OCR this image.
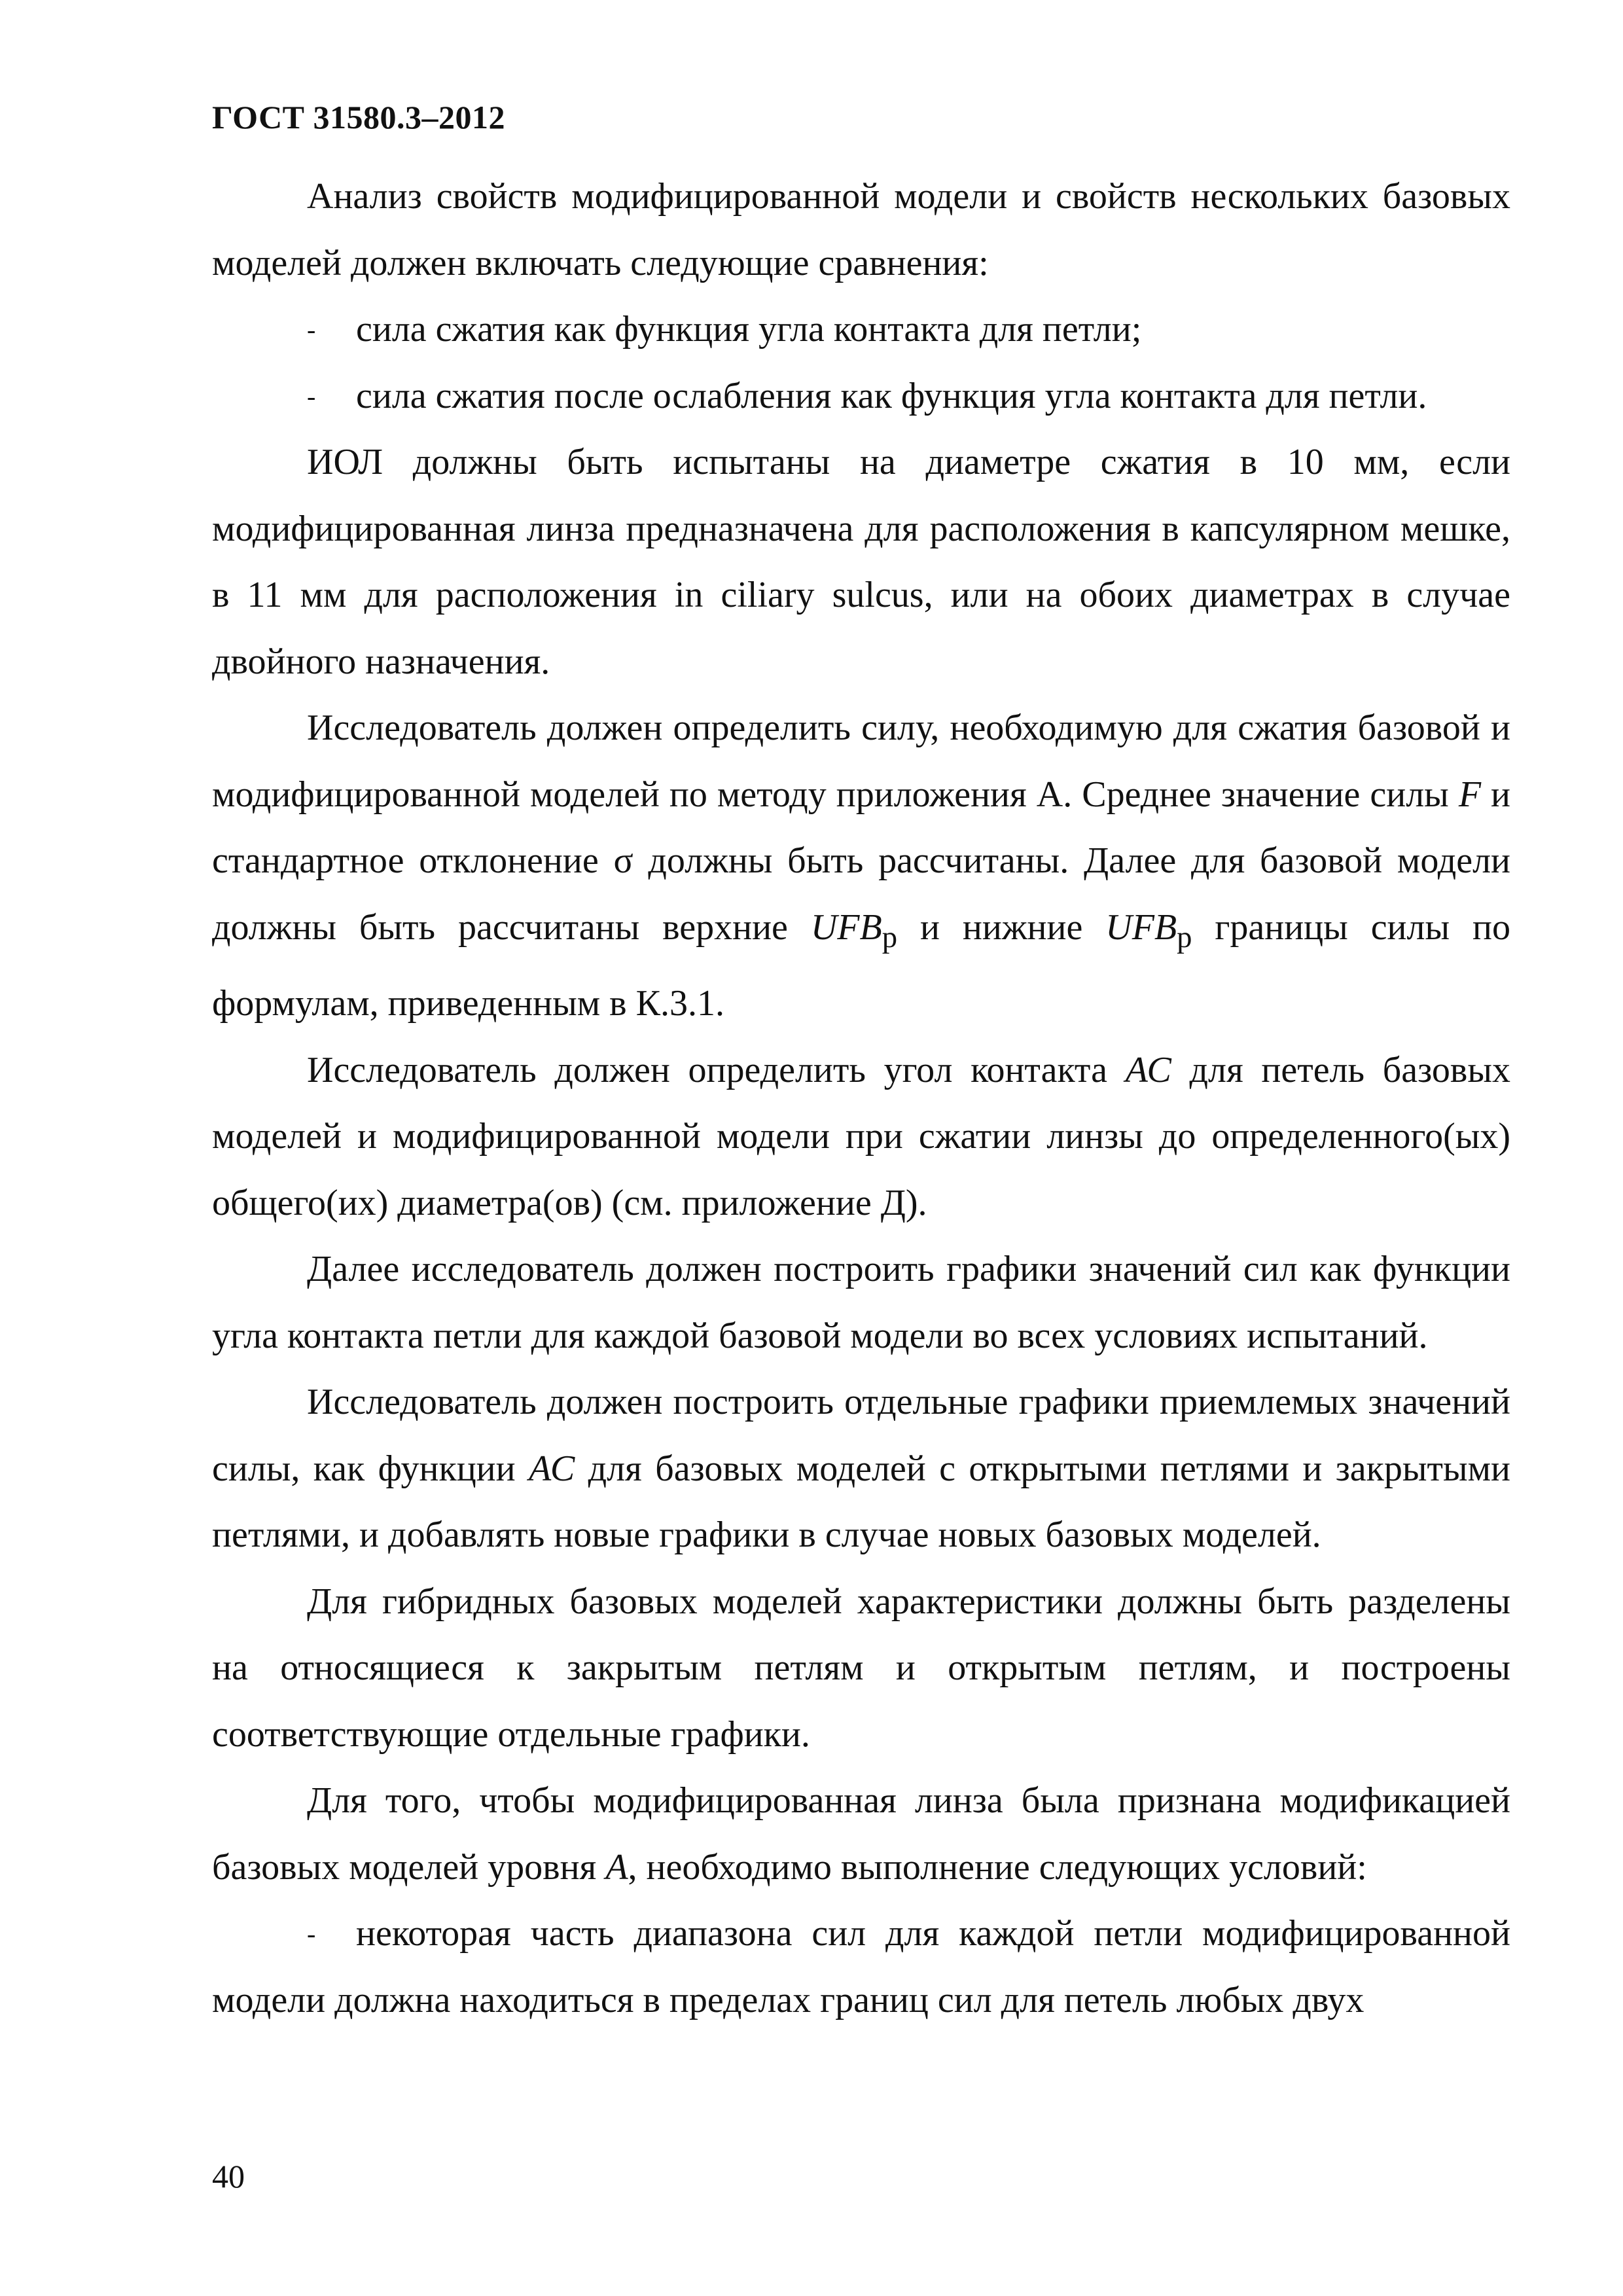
ГОСТ 31580.3–2012

Анализ свойств модифицированной модели и свойств нескольких базовых моделей должен включать следующие сравнения:

- сила сжатия как функция угла контакта для петли;

- сила сжатия после ослабления как функция угла контакта для петли.

ИОЛ должны быть испытаны на диаметре сжатия в 10 мм, если модифицированная линза предназначена для расположения в капсулярном мешке, в 11 мм для расположения in ciliary sulcus, или на обоих диаметрах в случае двойного назначения.

Исследователь должен определить силу, необходимую для сжатия базовой и модифицированной моделей по методу приложения А. Среднее значение силы F и стандартное отклонение σ должны быть рассчитаны. Далее для базовой модели должны быть рассчитаны верхние $UFB_p$ и нижние $UFB_p$ границы силы по формулам, приведенным в К.3.1.

Исследователь должен определить угол контакта АС для петель базовых моделей и модифицированной модели при сжатии линзы до определенного(ых) общего(их) диаметра(ов) (см. приложение Д).

Далее исследователь должен построить графики значений сил как функции угла контакта петли для каждой базовой модели во всех условиях испытаний.

Исследователь должен построить отдельные графики приемлемых значений силы, как функции АС для базовых моделей с открытыми петлями и закрытыми петлями, и добавлять новые графики в случае новых базовых моделей.

Для гибридных базовых моделей характеристики должны быть разделены на относящиеся к закрытым петлям и открытым петлям, и построены соответствующие отдельные графики.

Для того, чтобы модифицированная линза была признана модификацией базовых моделей уровня А, необходимо выполнение следующих условий:

- некоторая часть диапазона сил для каждой петли модифицированной модели должна находиться в пределах границ сил для петель любых двух

40
